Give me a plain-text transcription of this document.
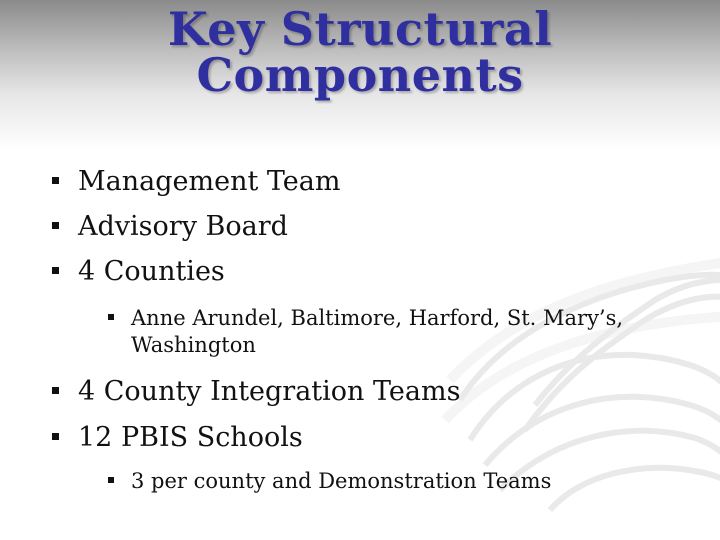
Key Structural
Components
Management Team
Advisory Board
4 Counties
Anne Arundel, Baltimore, Harford, St. Mary’s, Washington
4 County Integration Teams
12 PBIS Schools
3 per county and Demonstration Teams
